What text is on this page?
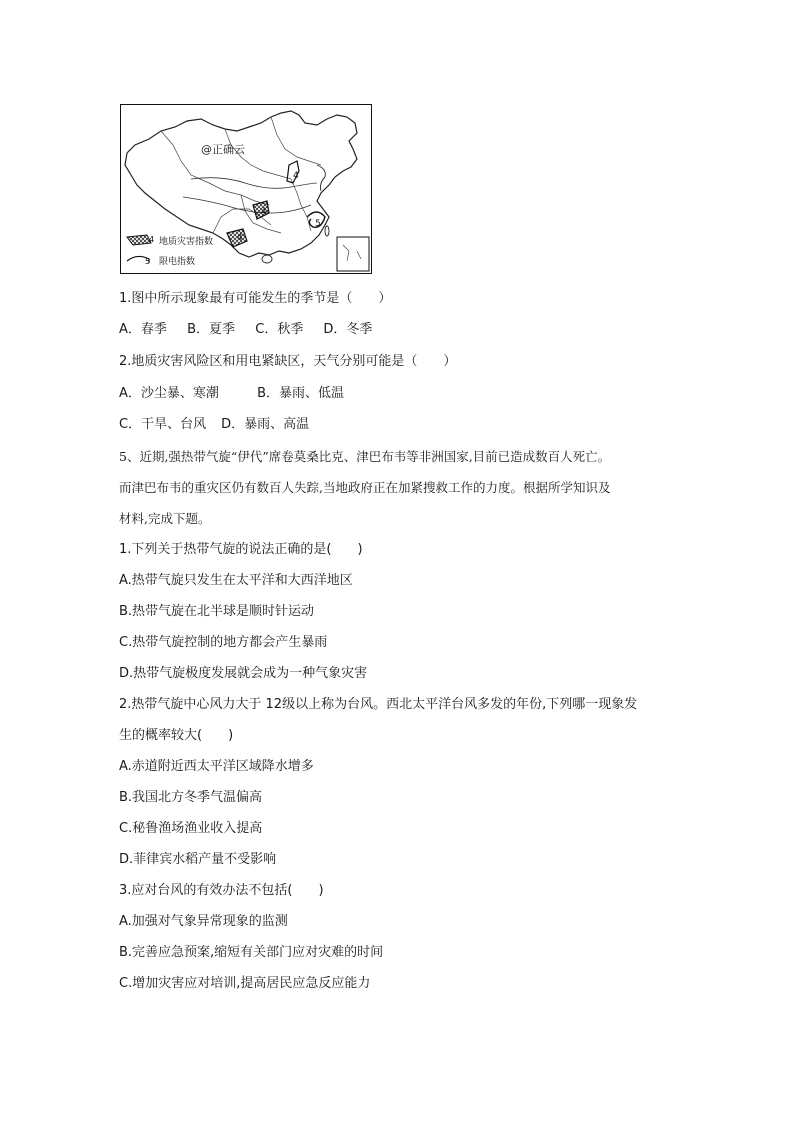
@正确云
4
4
4
5
4 地质灾害指数
5 限电指数
1.图中所示现象最有可能发生的季节是（　　）
A．春季 B．夏季 C．秋季 D．冬季
2.地质灾害风险区和用电紧缺区，天气分别可能是（　　）
A．沙尘暴、寒潮	B．暴雨、低温
C．干旱、台风 D．暴雨、高温
5、近期,强热带气旋“伊代”席卷莫桑比克、津巴布韦等非洲国家,目前已造成数百人死亡。
而津巴布韦的重灾区仍有数百人失踪,当地政府正在加紧搜救工作的力度。根据所学知识及
材料,完成下题。
1.下列关于热带气旋的说法正确的是(　　)
A.热带气旋只发生在太平洋和大西洋地区
B.热带气旋在北半球是顺时针运动
C.热带气旋控制的地方都会产生暴雨
D.热带气旋极度发展就会成为一种气象灾害
2.热带气旋中心风力大于 12级以上称为台风。西北太平洋台风多发的年份,下列哪一现象发
生的概率较大(　　)
A.赤道附近西太平洋区域降水增多
B.我国北方冬季气温偏高
C.秘鲁渔场渔业收入提高
D.菲律宾水稻产量不受影响
3.应对台风的有效办法不包括(　　)
A.加强对气象异常现象的监测
B.完善应急预案,缩短有关部门应对灾难的时间
C.增加灾害应对培训,提高居民应急反应能力
